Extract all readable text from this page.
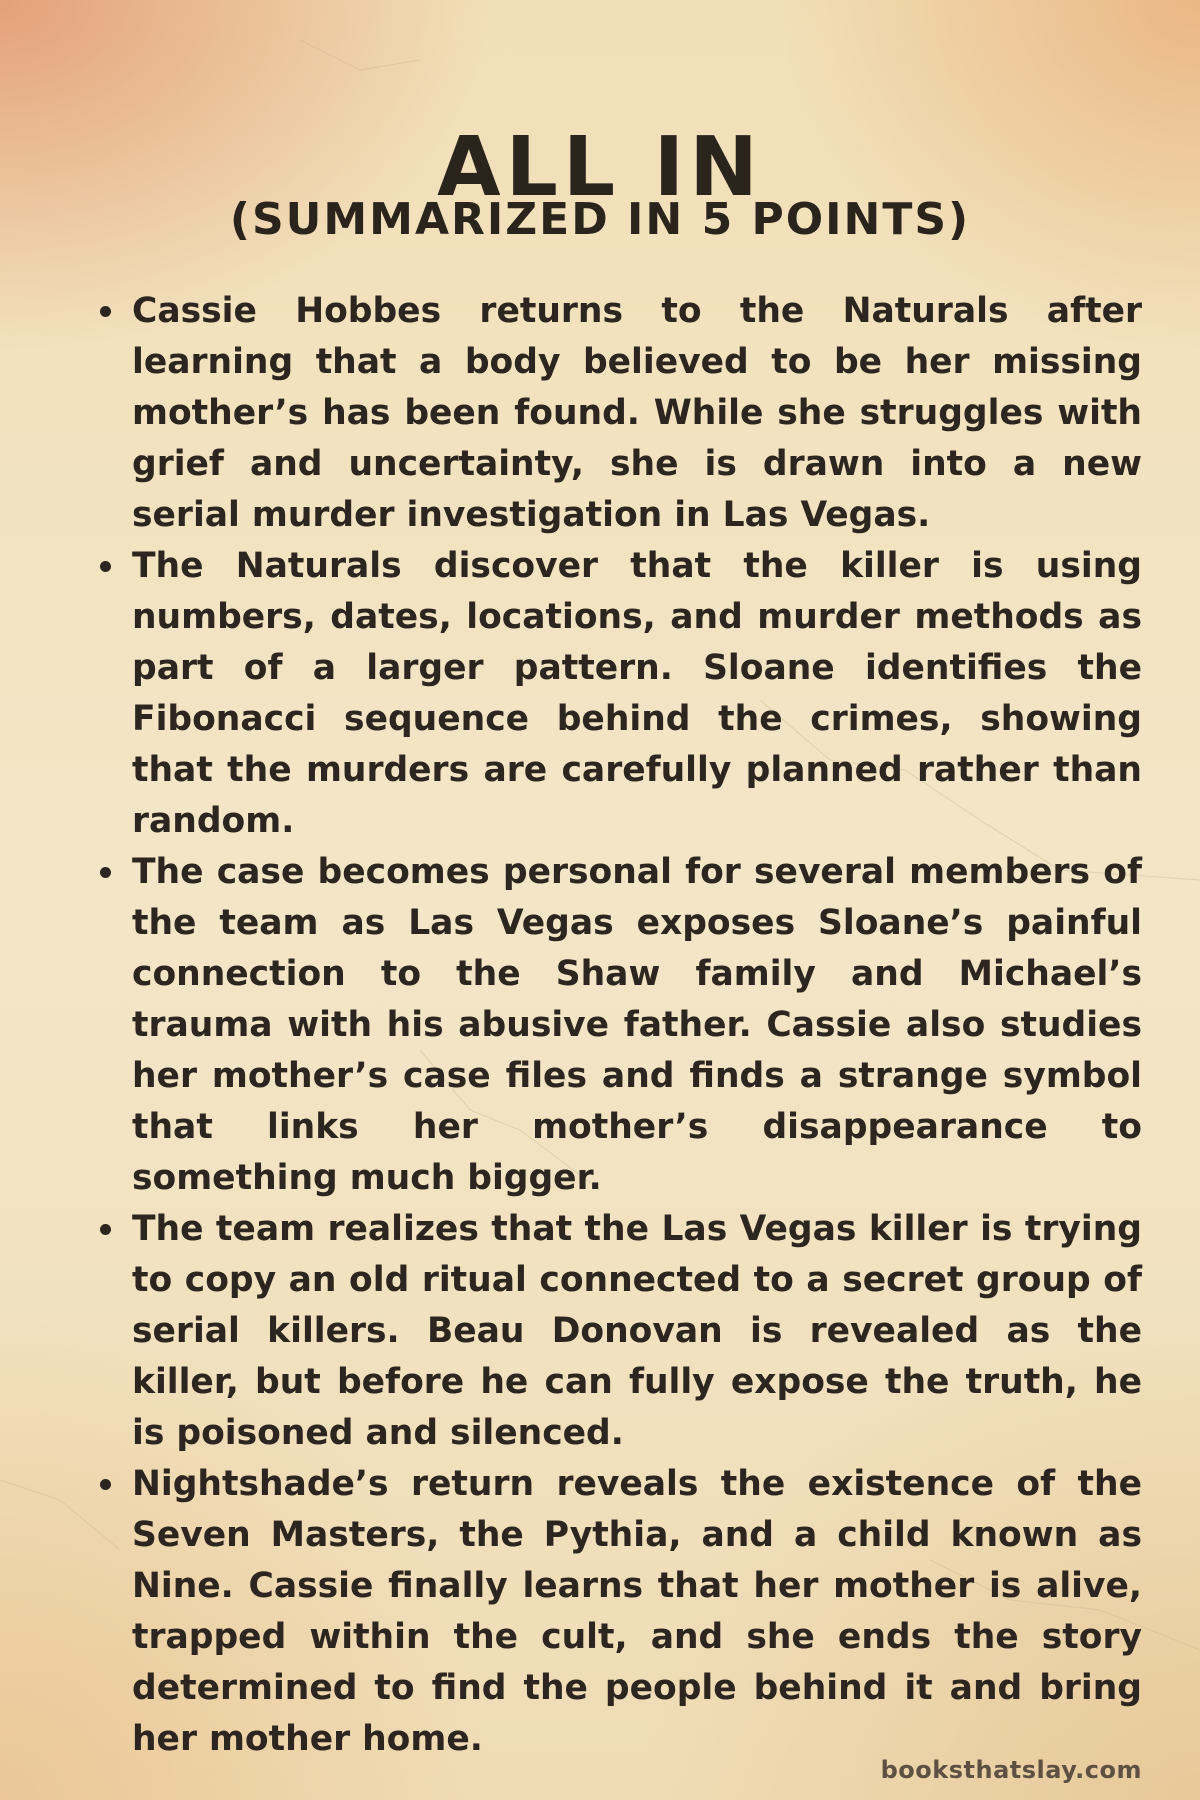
ALL IN
(SUMMARIZED IN 5 POINTS)
Cassie Hobbes returns to the Naturals after learning that a body believed to be her missing mother’s has been found. While she struggles with grief and uncertainty, she is drawn into a new serial murder investigation in Las Vegas.
The Naturals discover that the killer is using numbers, dates, locations, and murder methods as part of a larger pattern. Sloane identifies the Fibonacci sequence behind the crimes, showing that the murders are carefully planned rather than random.
The case becomes personal for several members of the team as Las Vegas exposes Sloane’s painful connection to the Shaw family and Michael’s trauma with his abusive father. Cassie also studies her mother’s case files and finds a strange symbol that links her mother’s disappearance to something much bigger.
The team realizes that the Las Vegas killer is trying to copy an old ritual connected to a secret group of serial killers. Beau Donovan is revealed as the killer, but before he can fully expose the truth, he is poisoned and silenced.
Nightshade’s return reveals the existence of the Seven Masters, the Pythia, and a child known as Nine. Cassie finally learns that her mother is alive, trapped within the cult, and she ends the story determined to find the people behind it and bring her mother home.
booksthatslay.com
